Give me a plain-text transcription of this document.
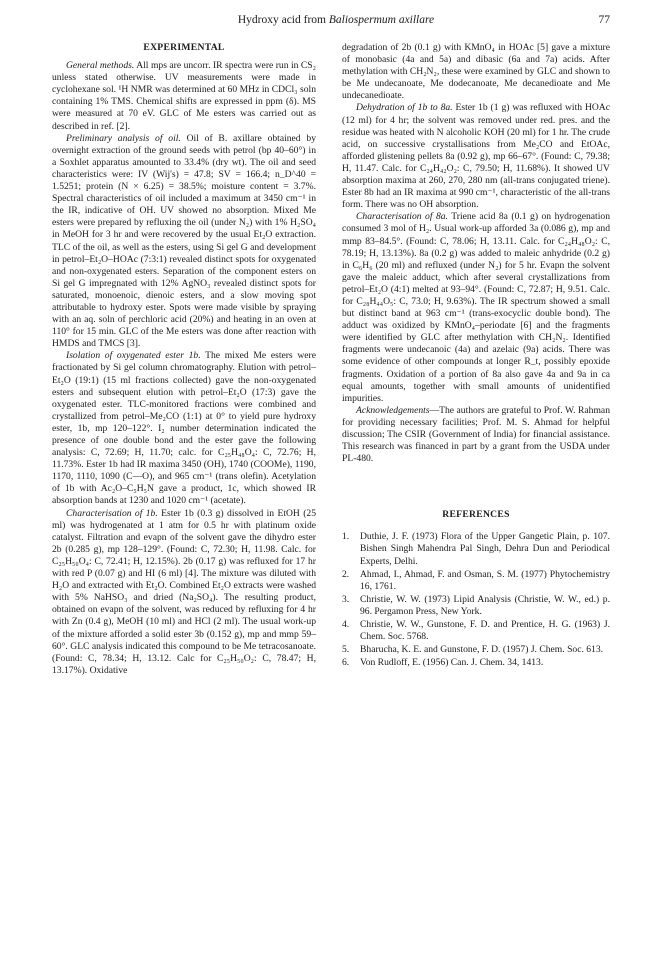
Hydroxy acid from Baliospermum axillare	77
EXPERIMENTAL

General methods. All mps are uncorr. IR spectra were run in CS₂ unless stated otherwise. UV measurements were made in cyclohexane sol. ¹H NMR was determined at 60 MHz in CDCl₃ soln containing 1% TMS. Chemical shifts are expressed in ppm (δ). MS were measured at 70 eV. GLC of Me esters was carried out as described in ref. [2].

Preliminary analysis of oil. Oil of B. axillare obtained by overnight extraction of the ground seeds with petrol (bp 40–60°) in a Soxhlet apparatus amounted to 33.4% (dry wt). The oil and seed characteristics were: IV (Wij's) = 47.8; SV = 166.4; n_D^40 = 1.5251; protein (N × 6.25) = 38.5%; moisture content = 3.7%. Spectral characteristics of oil included a maximum at 3450 cm⁻¹ in the IR, indicative of OH. UV showed no absorption. Mixed Me esters were prepared by refluxing the oil (under N₂) with 1% H₂SO₄ in MeOH for 3 hr and were recovered by the usual Et₂O extraction. TLC of the oil, as well as the esters, using Si gel G and development in petrol–Et₂O–HOAc (7:3:1) revealed distinct spots for oxygenated and non-oxygenated esters. Separation of the component esters on Si gel G impregnated with 12% AgNO₃ revealed distinct spots for saturated, monoenoic, dienoic esters, and a slow moving spot attributable to hydroxy ester. Spots were made visible by spraying with an aq. soln of perchloric acid (20%) and heating in an oven at 110° for 15 min. GLC of the Me esters was done after reaction with HMDS and TMCS [3].

Isolation of oxygenated ester 1b. The mixed Me esters were fractionated by Si gel column chromatography. Elution with petrol–Et₂O (19:1) (15 ml fractions collected) gave the non-oxygenated esters and subsequent elution with petrol–Et₂O (17:3) gave the oxygenated ester. TLC-monitored fractions were combined and crystallized from petrol–Me₂CO (1:1) at 0° to yield pure hydroxy ester, 1b, mp 120–122°. I₂ number determination indicated the presence of one double bond and the ester gave the following analysis: C, 72.69; H, 11.70; calc. for C₂₅H₄₈O₄: C, 72.76; H, 11.73%. Ester 1b had IR maxima 3450 (OH), 1740 (COOMe), 1190, 1170, 1110, 1090 (C—O), and 965 cm⁻¹ (trans olefin). Acetylation of 1b with Ac₂O–C₅H₅N gave a product, 1c, which showed IR absorption bands at 1230 and 1020 cm⁻¹ (acetate).

Characterisation of 1b. Ester 1b (0.3 g) dissolved in EtOH (25 ml) was hydrogenated at 1 atm for 0.5 hr with platinum oxide catalyst. Filtration and evapn of the solvent gave the dihydro ester 2b (0.285 g), mp 128–129°. (Found: C, 72.30; H, 11.98. Calc. for C₂₅H₅₀O₄: C, 72.41; H, 12.15%). 2b (0.17 g) was refluxed for 17 hr with red P (0.07 g) and HI (6 ml) [4]. The mixture was diluted with H₂O and extracted with Et₂O. Combined Et₂O extracts were washed with 5% NaHSO₃ and dried (Na₂SO₄). The resulting product, obtained on evapn of the solvent, was reduced by refluxing for 4 hr with Zn (0.4 g), MeOH (10 ml) and HCl (2 ml). The usual work-up of the mixture afforded a solid ester 3b (0.152 g), mp and mmp 59–60°. GLC analysis indicated this compound to be Me tetracosanoate. (Found: C, 78.34; H, 13.12. Calc for C₂₅H₅₀O₂: C, 78.47; H, 13.17%). Oxidative

degradation of 2b (0.1 g) with KMnO₄ in HOAc [5] gave a mixture of monobasic (4a and 5a) and dibasic (6a and 7a) acids. After methylation with CH₂N₂, these were examined by GLC and shown to be Me undecanoate, Me dodecanoate, Me decanedioate and Me undecanedioate.

Dehydration of 1b to 8a. Ester 1b (1 g) was refluxed with HOAc (12 ml) for 4 hr; the solvent was removed under red. pres. and the residue was heated with N alcoholic KOH (20 ml) for 1 hr. The crude acid, on successive crystallisations from Me₂CO and EtOAc, afforded glistening pellets 8a (0.92 g), mp 66–67°. (Found: C, 79.38; H, 11.47. Calc. for C₂₄H₄₂O₂: C, 79.50; H, 11.68%). It showed UV absorption maxima at 260, 270, 280 nm (all-trans conjugated triene). Ester 8b had an IR maxima at 990 cm⁻¹, characteristic of the all-trans form. There was no OH absorption.

Characterisation of 8a. Triene acid 8a (0.1 g) on hydrogenation consumed 3 mol of H₂. Usual work-up afforded 3a (0.086 g), mp and mmp 83–84.5°. (Found: C, 78.06; H, 13.11. Calc. for C₂₄H₄₈O₂: C, 78.19; H, 13.13%). 8a (0.2 g) was added to maleic anhydride (0.2 g) in C₆H₆ (20 ml) and refluxed (under N₂) for 5 hr. Evapn the solvent gave the maleic adduct, which after several crystallizations from petrol–Et₂O (4:1) melted at 93–94°. (Found: C, 72.87; H, 9.51. Calc. for C₂₈H₄₄O₅: C, 73.0; H, 9.63%). The IR spectrum showed a small but distinct band at 963 cm⁻¹ (trans-exocyclic double bond). The adduct was oxidized by KMnO₄–periodate [6] and the fragments were identified by GLC after methylation with CH₂N₂. Identified fragments were undecanoic (4a) and azelaic (9a) acids. There was some evidence of other compounds at longer R_t, possibly epoxide fragments. Oxidation of a portion of 8a also gave 4a and 9a in ca equal amounts, together with small amounts of unidentified impurities.

Acknowledgements—The authors are grateful to Prof. W. Rahman for providing necessary facilities; Prof. M. S. Ahmad for helpful discussion; The CSIR (Government of India) for financial assistance. This research was financed in part by a grant from the USDA under PL-480.

REFERENCES
1.	Duthie, J. F. (1973) Flora of the Upper Gangetic Plain, p. 107. Bishen Singh Mahendra Pal Singh, Dehra Dun and Periodical Experts, Delhi.
2.	Ahmad, I., Ahmad, F. and Osman, S. M. (1977) Phytochemistry 16, 1761.
3.	Christie, W. W. (1973) Lipid Analysis (Christie, W. W., ed.) p. 96. Pergamon Press, New York.
4.	Christie, W. W., Gunstone, F. D. and Prentice, H. G. (1963) J. Chem. Soc. 5768.
5.	Bharucha, K. E. and Gunstone, F. D. (1957) J. Chem. Soc. 613.
6.	Von Rudloff, E. (1956) Can. J. Chem. 34, 1413.
